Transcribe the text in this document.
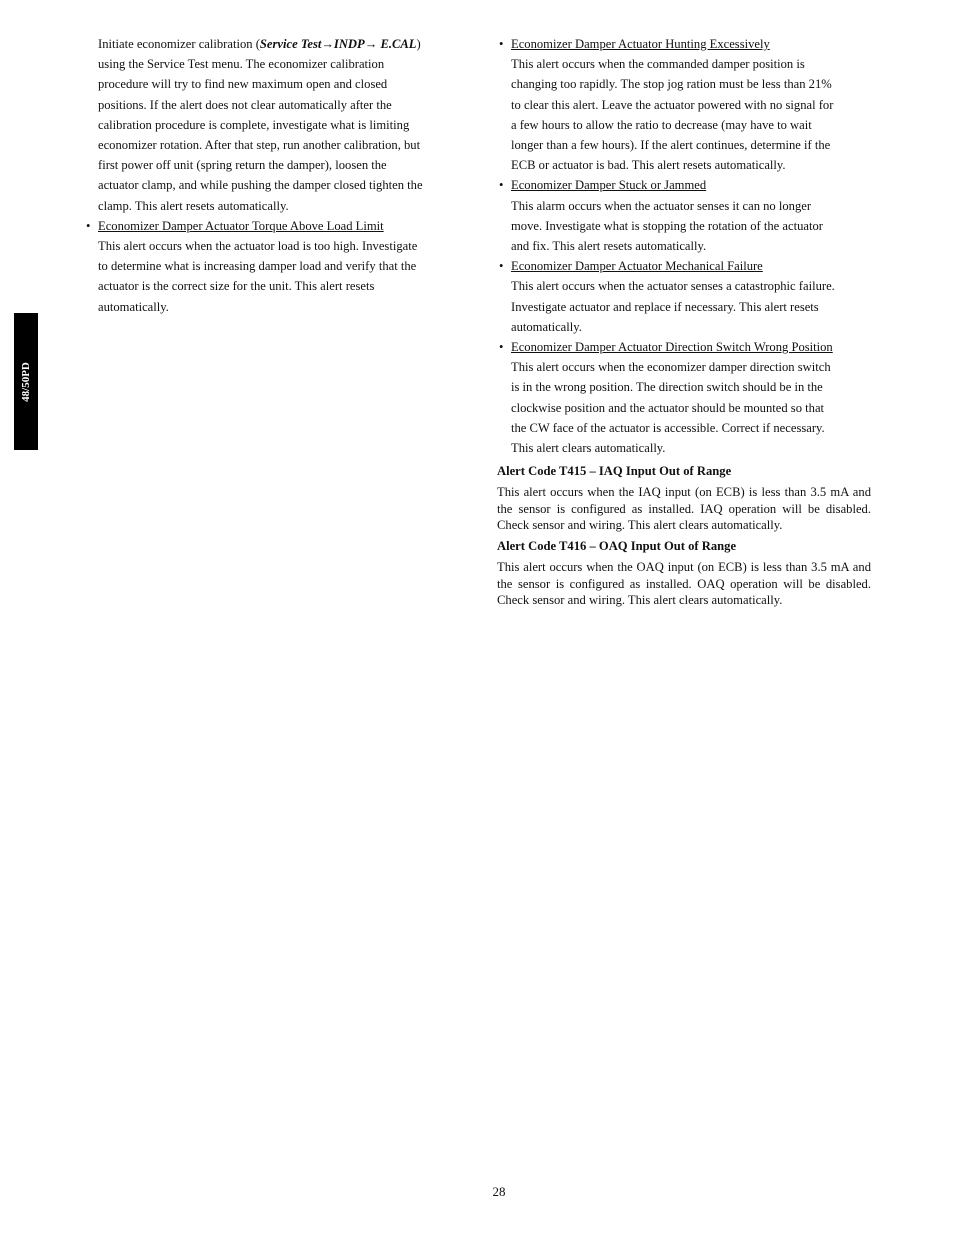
48/50PD
Initiate economizer calibration (Service Test→INDP→ E.CAL)
using the Service Test menu. The economizer calibration
procedure will try to find new maximum open and closed
positions. If the alert does not clear automatically after the
calibration procedure is complete, investigate what is limiting
economizer rotation. After that step, run another calibration, but
first power off unit (spring return the damper), loosen the
actuator clamp, and while pushing the damper closed tighten the
clamp. This alert resets automatically.
• Economizer Damper Actuator Torque Above Load Limit
This alert occurs when the actuator load is too high. Investigate
to determine what is increasing damper load and verify that the
actuator is the correct size for the unit. This alert resets
automatically.
• Economizer Damper Actuator Hunting Excessively
This alert occurs when the commanded damper position is
changing too rapidly. The stop jog ration must be less than 21%
to clear this alert. Leave the actuator powered with no signal for
a few hours to allow the ratio to decrease (may have to wait
longer than a few hours). If the alert continues, determine if the
ECB or actuator is bad. This alert resets automatically.
• Economizer Damper Stuck or Jammed
This alarm occurs when the actuator senses it can no longer
move. Investigate what is stopping the rotation of the actuator
and fix. This alert resets automatically.
• Economizer Damper Actuator Mechanical Failure
This alert occurs when the actuator senses a catastrophic failure.
Investigate actuator and replace if necessary. This alert resets
automatically.
• Economizer Damper Actuator Direction Switch Wrong Position
This alert occurs when the economizer damper direction switch
is in the wrong position. The direction switch should be in the
clockwise position and the actuator should be mounted so that
the CW face of the actuator is accessible. Correct if necessary.
This alert clears automatically.
Alert Code T415 – IAQ Input Out of Range

This alert occurs when the IAQ input (on ECB) is less than 3.5 mA and the sensor is configured as installed. IAQ operation will be disabled. Check sensor and wiring. This alert clears automatically.

Alert Code T416 – OAQ Input Out of Range

This alert occurs when the OAQ input (on ECB) is less than 3.5 mA and the sensor is configured as installed. OAQ operation will be disabled. Check sensor and wiring. This alert clears automatically.

28
